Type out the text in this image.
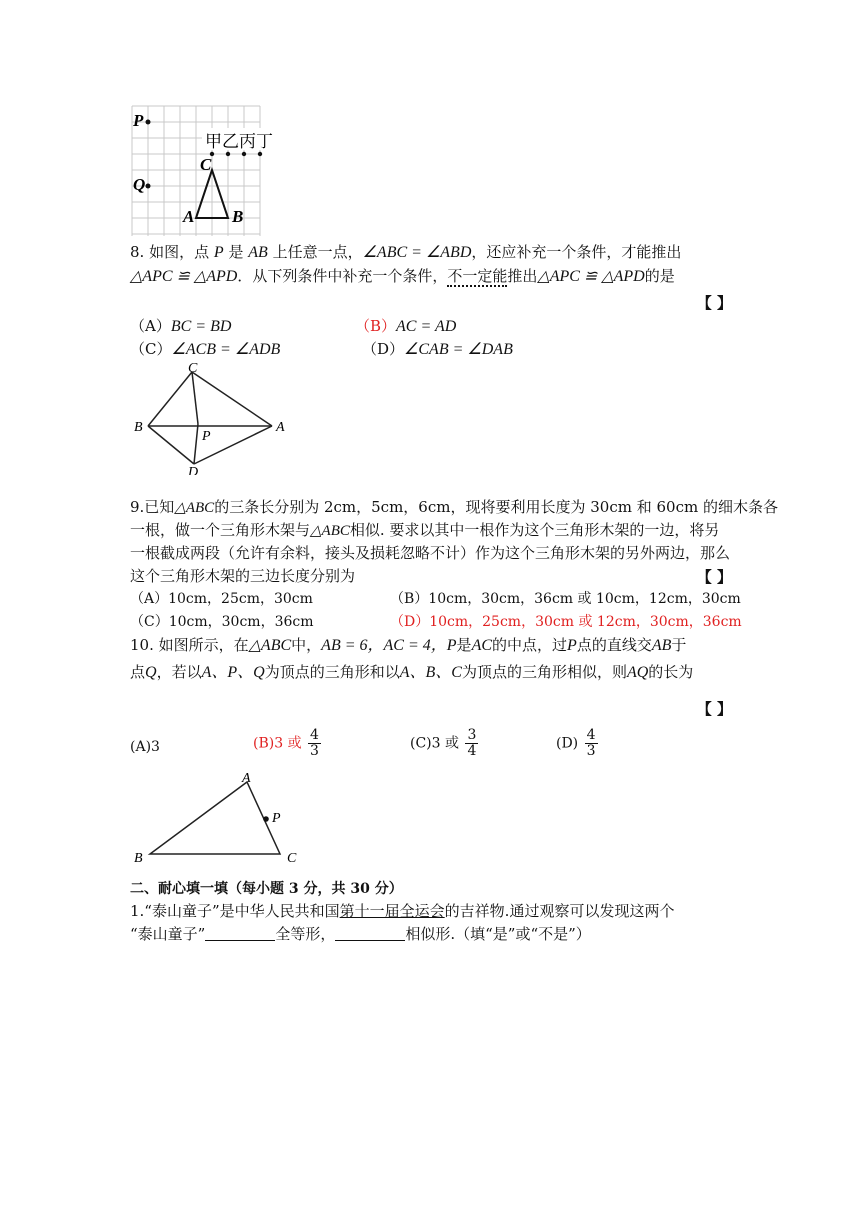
P
Q
甲乙丙丁
C
A B
8. 如图，点 P 是 AB 上任意一点，∠ABC = ∠ABD，还应补充一个条件，才能推出
△APC ≌ △APD．从下列条件中补充一个条件，不一定能推出△APC ≌ △APD的是
【 】
（A）BC = BD	（B）AC = AD
（C）∠ACB = ∠ADB	（D）∠CAB = ∠DAB
C
B
P
A
D
9.已知△ABC的三条长分别为 2cm，5cm，6cm，现将要利用长度为 30cm 和 60cm 的细木条各
一根，做一个三角形木架与△ABC相似. 要求以其中一根作为这个三角形木架的一边，将另
一根截成两段（允许有余料，接头及损耗忽略不计）作为这个三角形木架的另外两边，那么
这个三角形木架的三边长度分别为	【 】
（A）10cm，25cm，30cm	（B）10cm，30cm，36cm 或 10cm，12cm，30cm
（C）10cm，30cm，36cm	（D）10cm，25cm，30cm 或 12cm，30cm，36cm
10. 如图所示，在△ABC中，AB = 6，AC = 4，P是AC的中点，过P点的直线交AB于
点Q，若以A、P、Q为顶点的三角形和以A、B、C为顶点的三角形相似，则AQ的长为
【 】
(A)3	(B)3 或 $\frac{4}{3}$	(C)3 或 $\frac{3}{4}$	$(D) \frac{4}{3}$
A
P
B	C
二、耐心填一填（每小题 3 分，共 30 分）
1.“泰山童子”是中华人民共和国第十一届全运会的吉祥物.通过观察可以发现这两个
“泰山童子”	全等形，	相似形.（填“是”或“不是”）
